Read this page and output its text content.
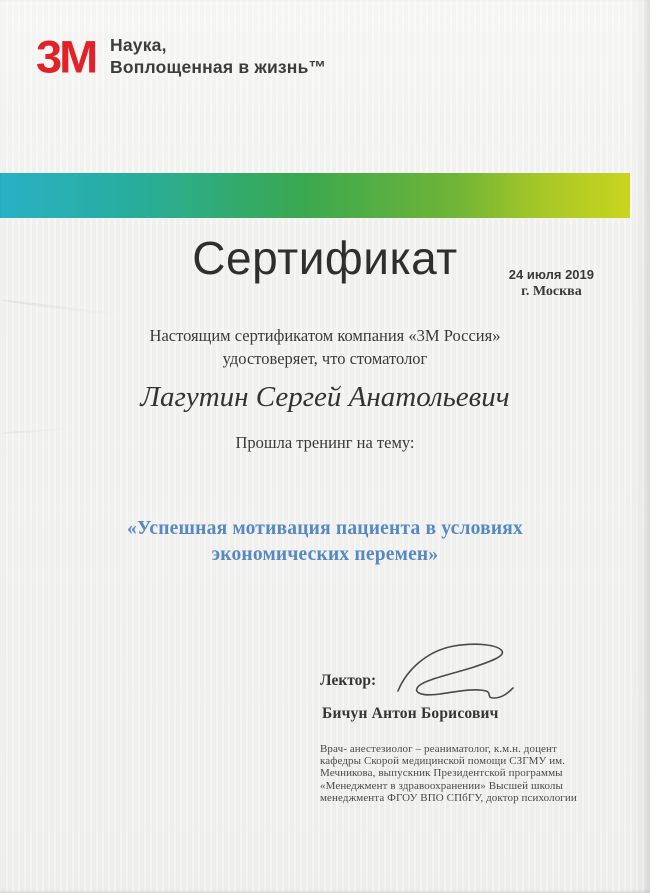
3M Наука,
Воплощенная в жизнь™
Сертификат	24 июля 2019
г. Москва
Настоящим сертификатом компания «3М Россия»
удостоверяет, что стоматолог
Лагутин Сергей Анатольевич
Прошла тренинг на тему:
«Успешная мотивация пациента в условиях
экономических перемен»
Лектор:
Бичун Антон Борисович
Врач- анестезиолог – реаниматолог, к.м.н. доцент
кафедры Скорой медицинской помощи СЗГМУ им.
Мечникова, выпускник Президентской программы
«Менеджмент в здравоохранении» Высшей школы
менеджмента ФГОУ ВПО СПбГУ, доктор психологии
